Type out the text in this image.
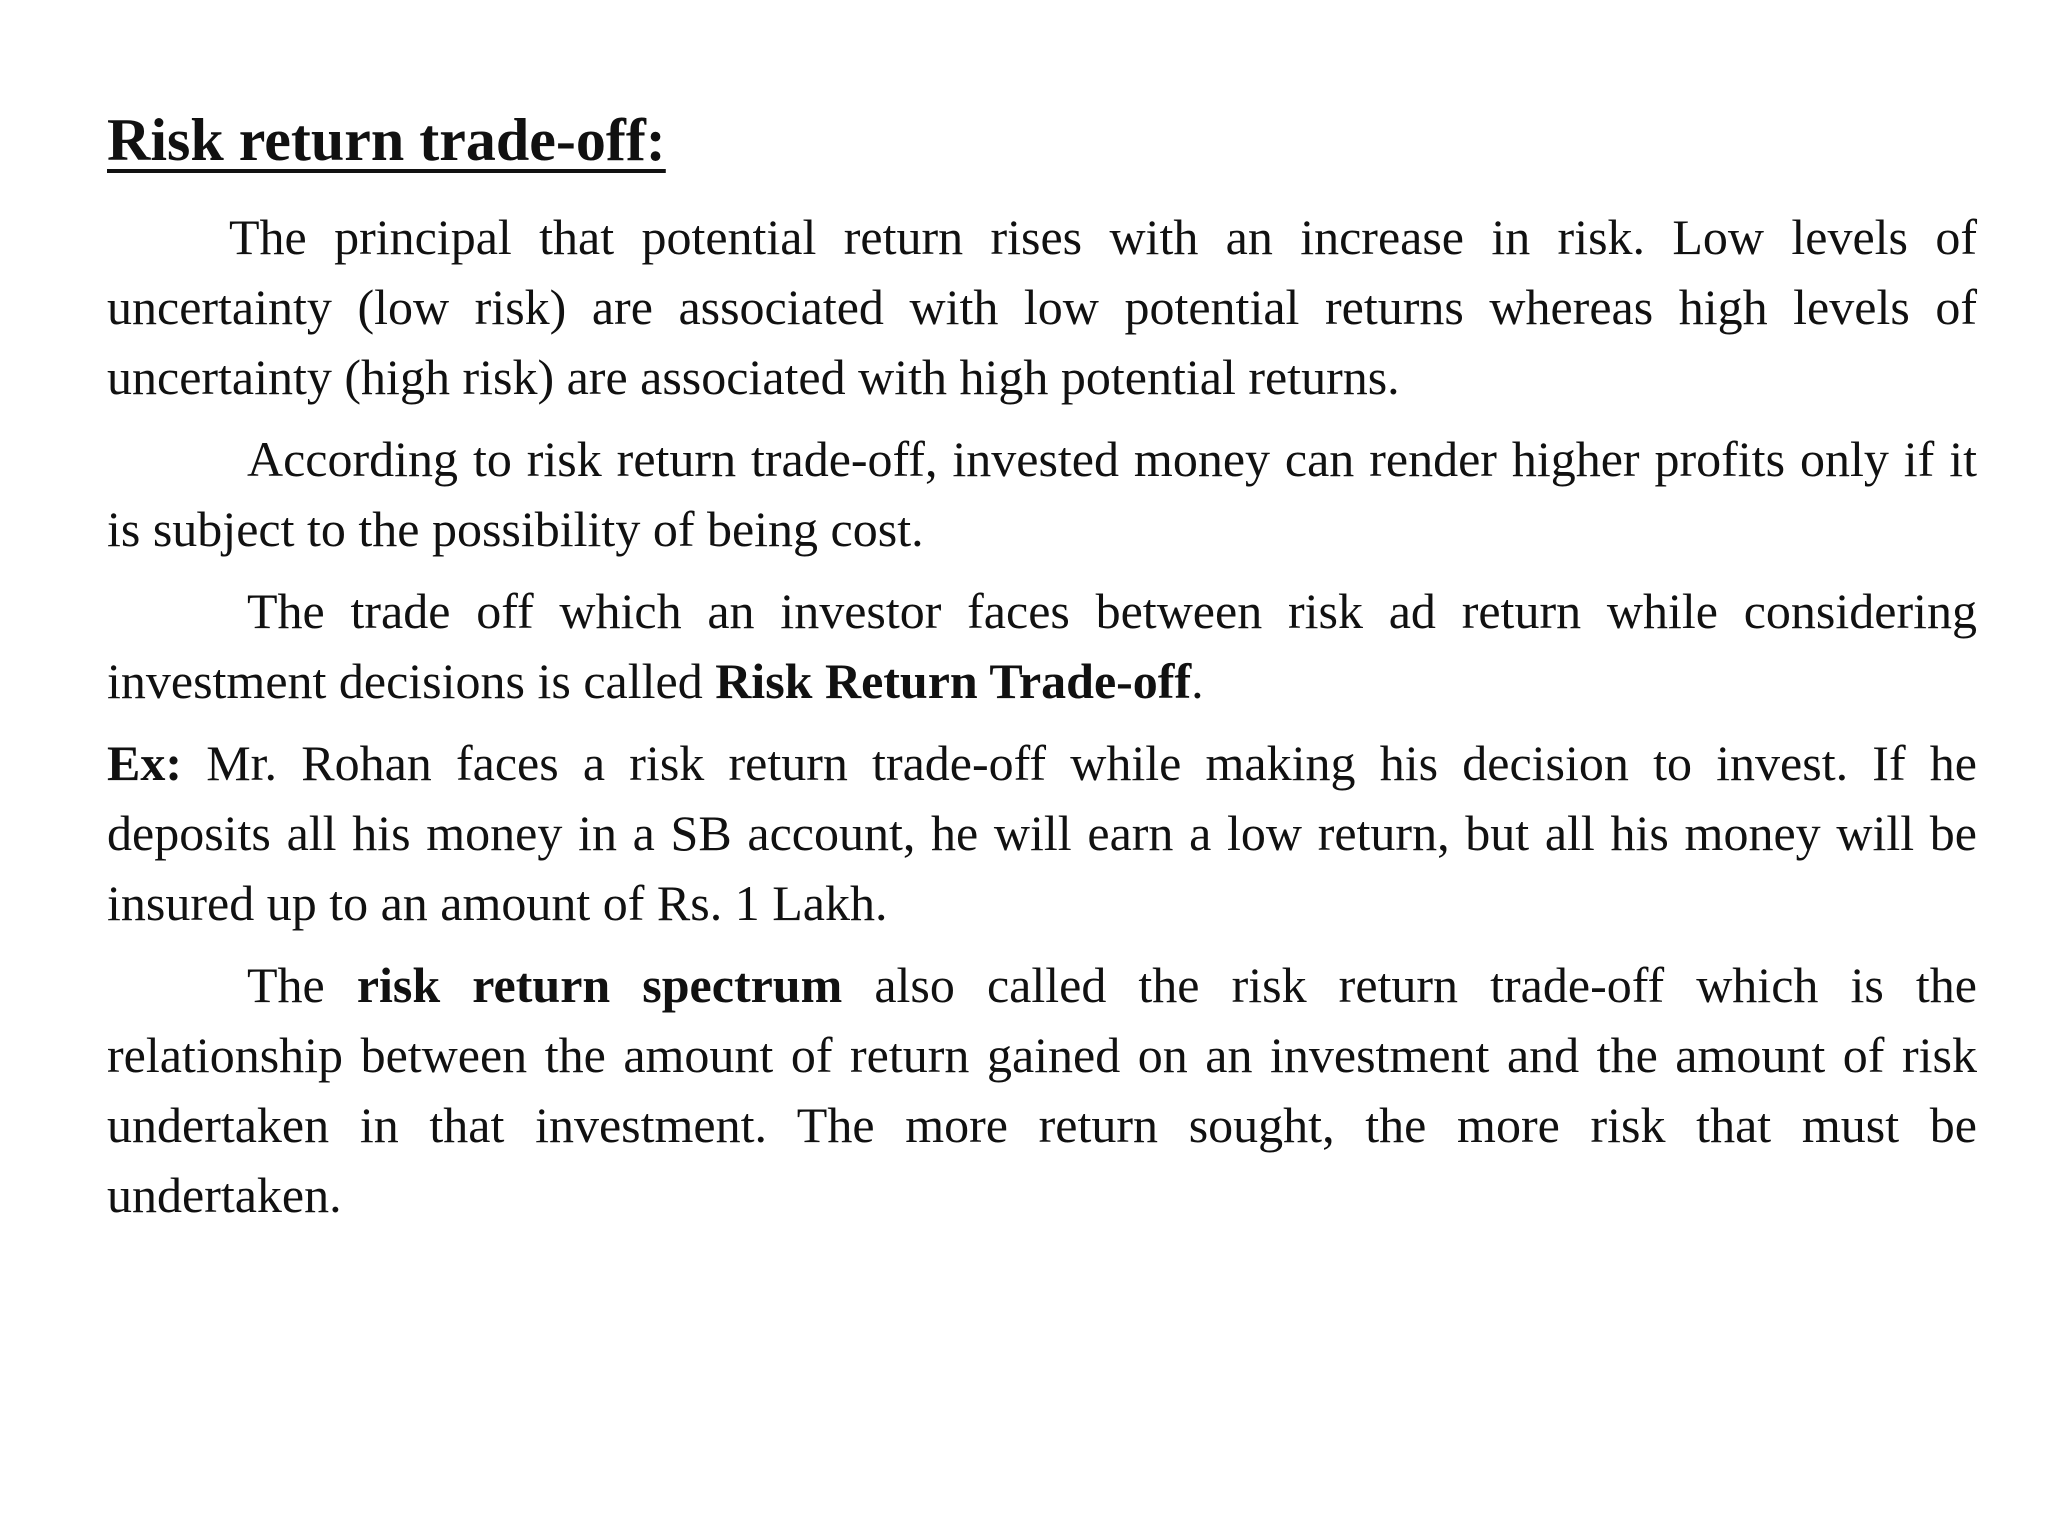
Risk return trade-off:

The principal that potential return rises with an increase in risk. Low levels of uncertainty (low risk) are associated with low potential returns whereas high levels of uncertainty (high risk) are associated with high potential returns.

According to risk return trade-off, invested money can render higher profits only if it is subject to the possibility of being cost.

The trade off which an investor faces between risk ad return while considering investment decisions is called Risk Return Trade-off.

Ex: Mr. Rohan faces a risk return trade-off while making his decision to invest. If he deposits all his money in a SB account, he will earn a low return, but all his money will be insured up to an amount of Rs. 1 Lakh.

The risk return spectrum also called the risk return trade-off which is the relationship between the amount of return gained on an investment and the amount of risk undertaken in that investment. The more return sought, the more risk that must be undertaken.
